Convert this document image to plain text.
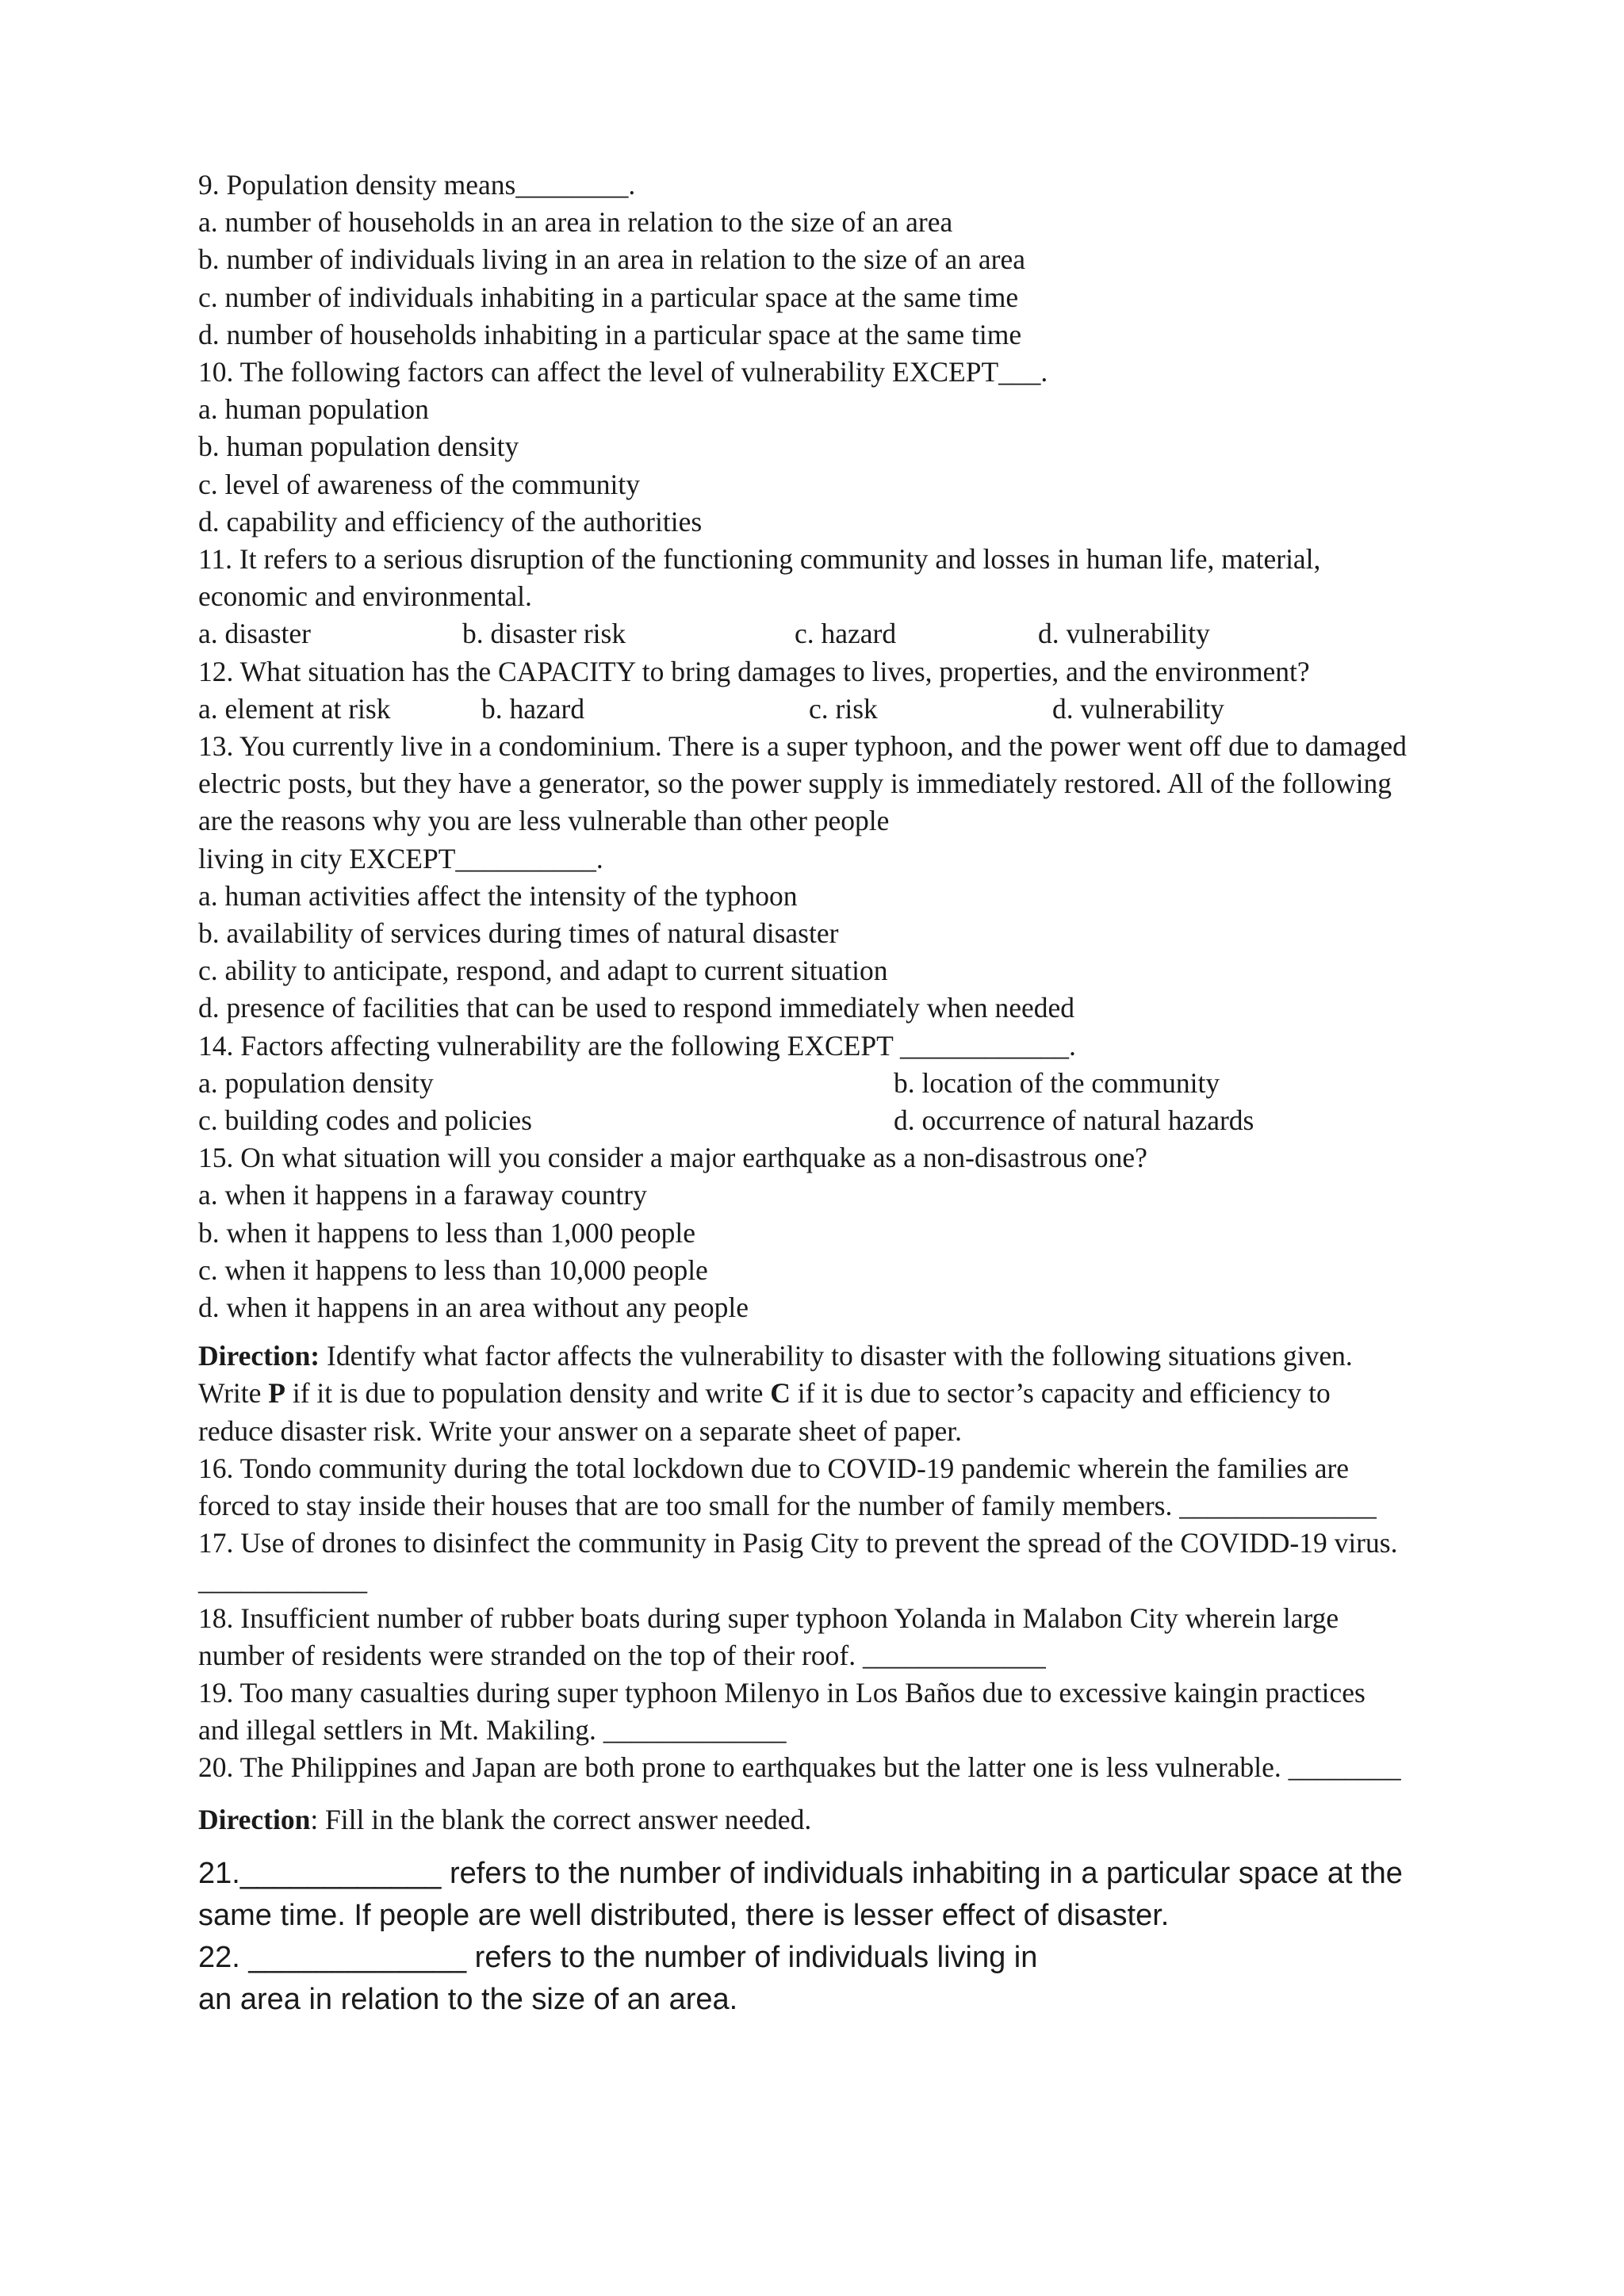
9. Population density means________.

a. number of households in an area in relation to the size of an area

b. number of individuals living in an area in relation to the size of an area

c. number of individuals inhabiting in a particular space at the same time

d. number of households inhabiting in a particular space at the same time

10. The following factors can affect the level of vulnerability EXCEPT___.

a. human population

b. human population density

c. level of awareness of the community

d. capability and efficiency of the authorities

11. It refers to a serious disruption of the functioning community and losses in human life, material,

economic and environmental.

a. disaster	b. disaster risk	c. hazard	d. vulnerability

12. What situation has the CAPACITY to bring damages to lives, properties, and the environment?

a. element at risk	b. hazard	c. risk	d. vulnerability

13. You currently live in a condominium. There is a super typhoon, and the power went off due to damaged

electric posts, but they have a generator, so the power supply is immediately restored. All of the following

are the reasons why you are less vulnerable than other people

living in city EXCEPT__________.

a. human activities affect the intensity of the typhoon

b. availability of services during times of natural disaster

c. ability to anticipate, respond, and adapt to current situation

d. presence of facilities that can be used to respond immediately when needed

14. Factors affecting vulnerability are the following EXCEPT ____________.

a. population density	b. location of the community
c. building codes and policies	d. occurrence of natural hazards

15. On what situation will you consider a major earthquake as a non-disastrous one?

a. when it happens in a faraway country

b. when it happens to less than 1,000 people

c. when it happens to less than 10,000 people

d. when it happens in an area without any people

Direction: Identify what factor affects the vulnerability to disaster with the following situations given.

Write P if it is due to population density and write C if it is due to sector’s capacity and efficiency to

reduce disaster risk. Write your answer on a separate sheet of paper.

16. Tondo community during the total lockdown due to COVID-19 pandemic wherein the families are

forced to stay inside their houses that are too small for the number of family members. ______________

17. Use of drones to disinfect the community in Pasig City to prevent the spread of the COVIDD-19 virus.

____________

18. Insufficient number of rubber boats during super typhoon Yolanda in Malabon City wherein large

number of residents were stranded on the top of their roof. _____________

19. Too many casualties during super typhoon Milenyo in Los Baños due to excessive kaingin practices

and illegal settlers in Mt. Makiling. _____________

20. The Philippines and Japan are both prone to earthquakes but the latter one is less vulnerable. ________

Direction: Fill in the blank the correct answer needed.

21.____________ refers to the number of individuals inhabiting in a particular space at the

same time. If people are well distributed, there is lesser effect of disaster.

22. _____________ refers to the number of individuals living in

an area in relation to the size of an area.
